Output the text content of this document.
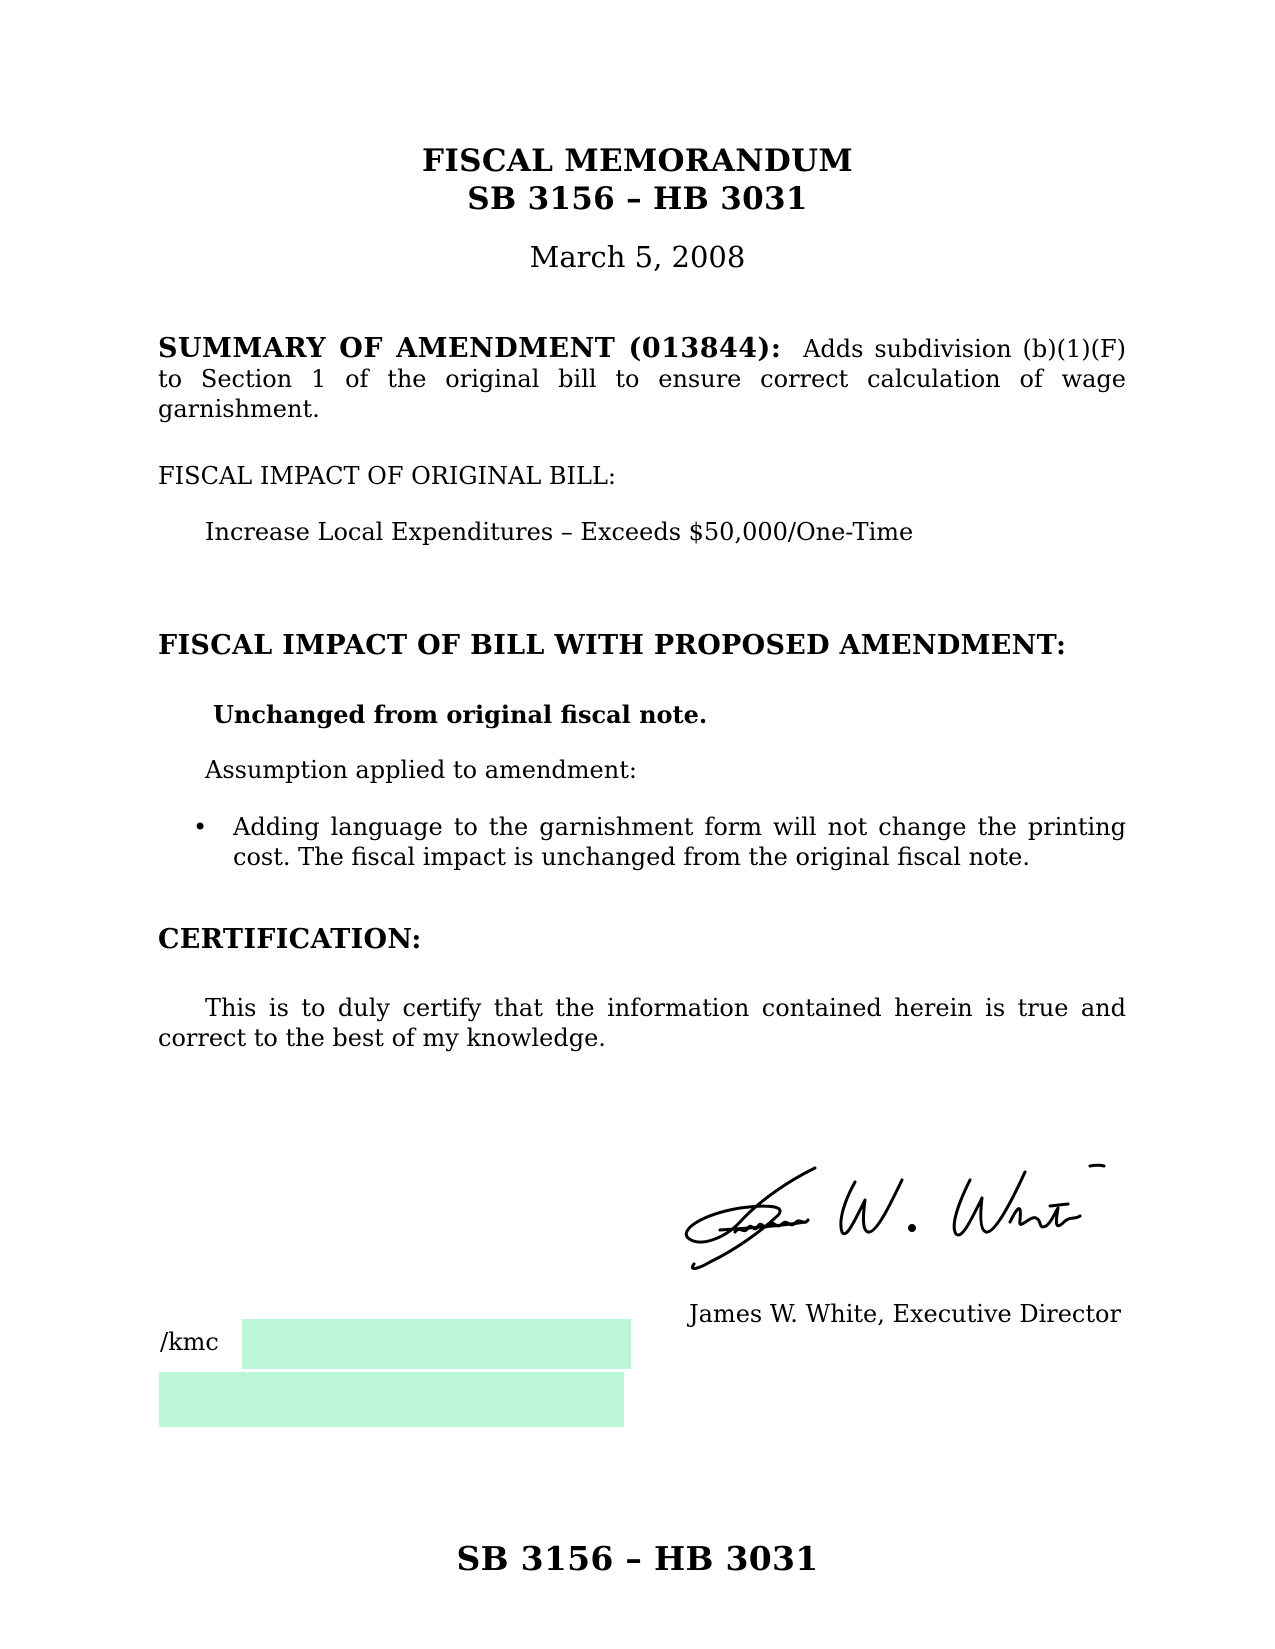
FISCAL MEMORANDUM
SB 3156 – HB 3031
March 5, 2008
SUMMARY OF AMENDMENT (013844): Adds subdivision (b)(1)(F) to Section 1 of the original bill to ensure correct calculation of wage garnishment.
FISCAL IMPACT OF ORIGINAL BILL:
Increase Local Expenditures – Exceeds $50,000/One-Time
FISCAL IMPACT OF BILL WITH PROPOSED AMENDMENT:
Unchanged from original fiscal note.
Assumption applied to amendment:
• Adding language to the garnishment form will not change the printing cost. The fiscal impact is unchanged from the original fiscal note.
CERTIFICATION:
This is to duly certify that the information contained herein is true and correct to the best of my knowledge.
James W. White, Executive Director
/kmc
SB 3156 – HB 3031
